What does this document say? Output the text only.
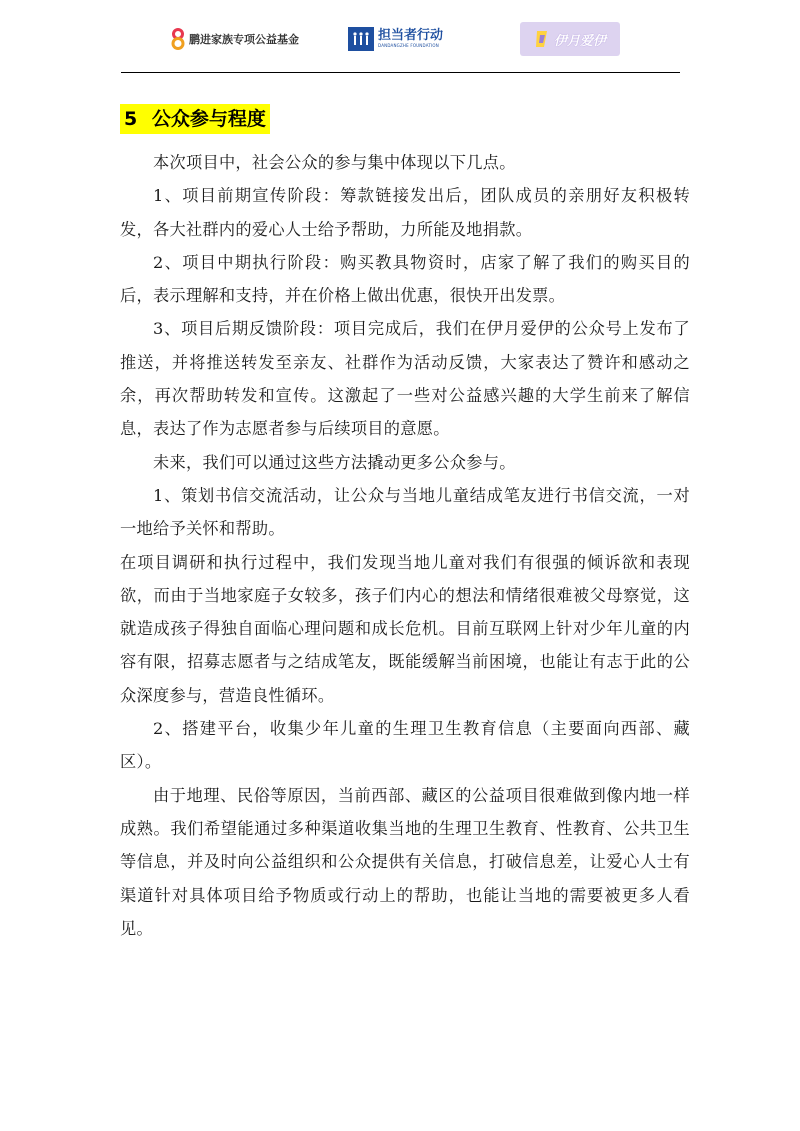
鹏进家族专项公益基金	担当者行动
DANDANGZHE FOUNDATION	伊月爱伊
5 公众参与程度

本次项目中，社会公众的参与集中体现以下几点。

1、项目前期宣传阶段：筹款链接发出后，团队成员的亲朋好友积极转发，各大社群内的爱心人士给予帮助，力所能及地捐款。

2、项目中期执行阶段：购买教具物资时，店家了解了我们的购买目的后，表示理解和支持，并在价格上做出优惠，很快开出发票。

3、项目后期反馈阶段：项目完成后，我们在伊月爱伊的公众号上发布了推送，并将推送转发至亲友、社群作为活动反馈，大家表达了赞许和感动之余，再次帮助转发和宣传。这激起了一些对公益感兴趣的大学生前来了解信息，表达了作为志愿者参与后续项目的意愿。

未来，我们可以通过这些方法撬动更多公众参与。

1、策划书信交流活动，让公众与当地儿童结成笔友进行书信交流，一对一地给予关怀和帮助。

在项目调研和执行过程中，我们发现当地儿童对我们有很强的倾诉欲和表现欲，而由于当地家庭子女较多，孩子们内心的想法和情绪很难被父母察觉，这就造成孩子得独自面临心理问题和成长危机。目前互联网上针对少年儿童的内容有限，招募志愿者与之结成笔友，既能缓解当前困境，也能让有志于此的公众深度参与，营造良性循环。

2、搭建平台，收集少年儿童的生理卫生教育信息（主要面向西部、藏区）。

由于地理、民俗等原因，当前西部、藏区的公益项目很难做到像内地一样成熟。我们希望能通过多种渠道收集当地的生理卫生教育、性教育、公共卫生等信息，并及时向公益组织和公众提供有关信息，打破信息差，让爱心人士有渠道针对具体项目给予物质或行动上的帮助，也能让当地的需要被更多人看见。
